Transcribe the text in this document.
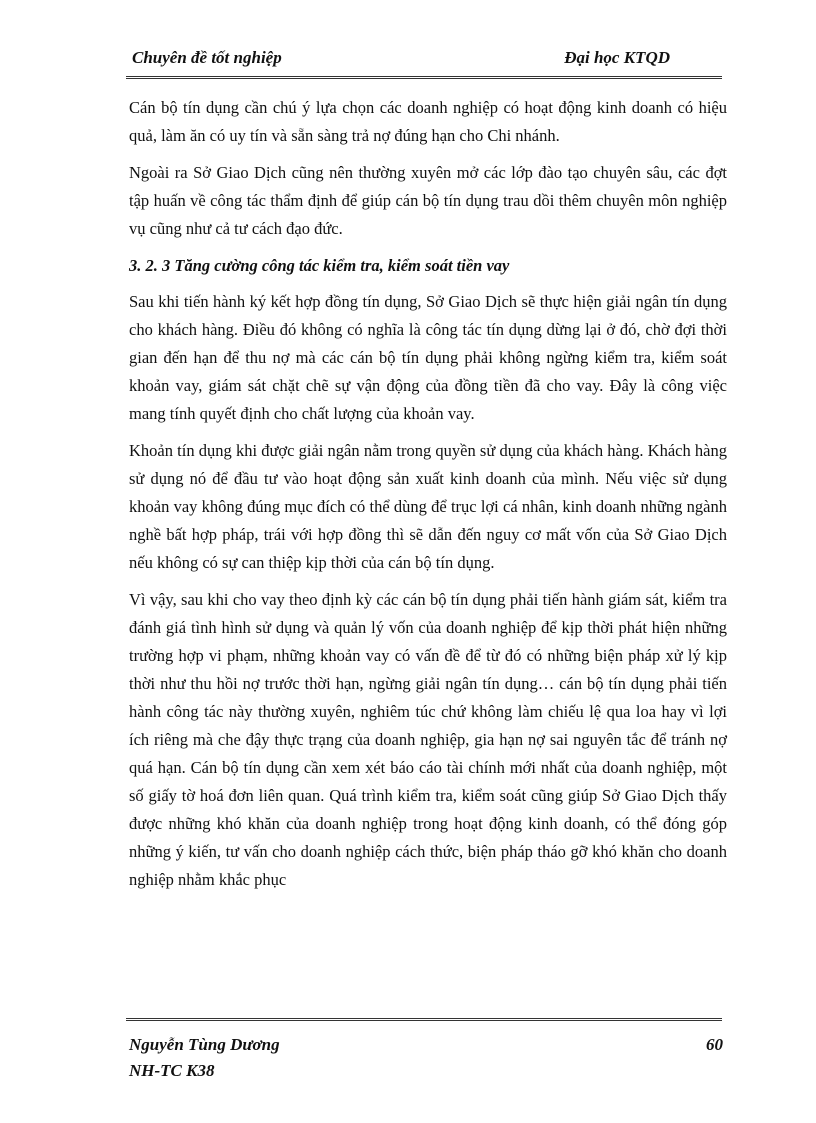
Chuyên đề tốt nghiệp	Đại học KTQD

Cán bộ tín dụng cần chú ý lựa chọn các doanh nghiệp có hoạt động kinh doanh có hiệu quả, làm ăn có uy tín và sẵn sàng trả nợ đúng hạn cho Chi nhánh.

Ngoài ra Sở Giao Dịch cũng nên thường xuyên mở các lớp đào tạo chuyên sâu, các đợt tập huấn về công tác thẩm định để giúp cán bộ tín dụng trau dồi thêm chuyên môn nghiệp vụ cũng như cả tư cách đạo đức.

3. 2. 3 Tăng cường công tác kiểm tra, kiểm soát tiền vay

Sau khi tiến hành ký kết hợp đồng tín dụng, Sở Giao Dịch sẽ thực hiện giải ngân tín dụng cho khách hàng. Điều đó không có nghĩa là công tác tín dụng dừng lại ở đó, chờ đợi thời gian đến hạn để thu nợ mà các cán bộ tín dụng phải không ngừng kiểm tra, kiểm soát khoản vay, giám sát chặt chẽ sự vận động của đồng tiền đã cho vay. Đây là công việc mang tính quyết định cho chất lượng của khoản vay.

Khoản tín dụng khi được giải ngân nằm trong quyền sử dụng của khách hàng. Khách hàng sử dụng nó để đầu tư vào hoạt động sản xuất kinh doanh của mình. Nếu việc sử dụng khoản vay không đúng mục đích có thể dùng để trục lợi cá nhân, kinh doanh những ngành nghề bất hợp pháp, trái với hợp đồng thì sẽ dẫn đến nguy cơ mất vốn của Sở Giao Dịch nếu không có sự can thiệp kịp thời của cán bộ tín dụng.

Vì vậy, sau khi cho vay theo định kỳ các cán bộ tín dụng phải tiến hành giám sát, kiểm tra đánh giá tình hình sử dụng và quản lý vốn của doanh nghiệp để kịp thời phát hiện những trường hợp vi phạm, những khoản vay có vấn đề để từ đó có những biện pháp xử lý kịp thời như thu hồi nợ trước thời hạn, ngừng giải ngân tín dụng… cán bộ tín dụng phải tiến hành công tác này thường xuyên, nghiêm túc chứ không làm chiếu lệ qua loa hay vì lợi ích riêng mà che đậy thực trạng của doanh nghiệp, gia hạn nợ sai nguyên tắc để tránh nợ quá hạn. Cán bộ tín dụng cần xem xét báo cáo tài chính mới nhất của doanh nghiệp, một số giấy tờ hoá đơn liên quan. Quá trình kiểm tra, kiểm soát cũng giúp Sở Giao Dịch thấy được những khó khăn của doanh nghiệp trong hoạt động kinh doanh, có thể đóng góp những ý kiến, tư vấn cho doanh nghiệp cách thức, biện pháp tháo gỡ khó khăn cho doanh nghiệp nhằm khắc phục

Nguyễn Tùng Dương
NH-TC K38
60
